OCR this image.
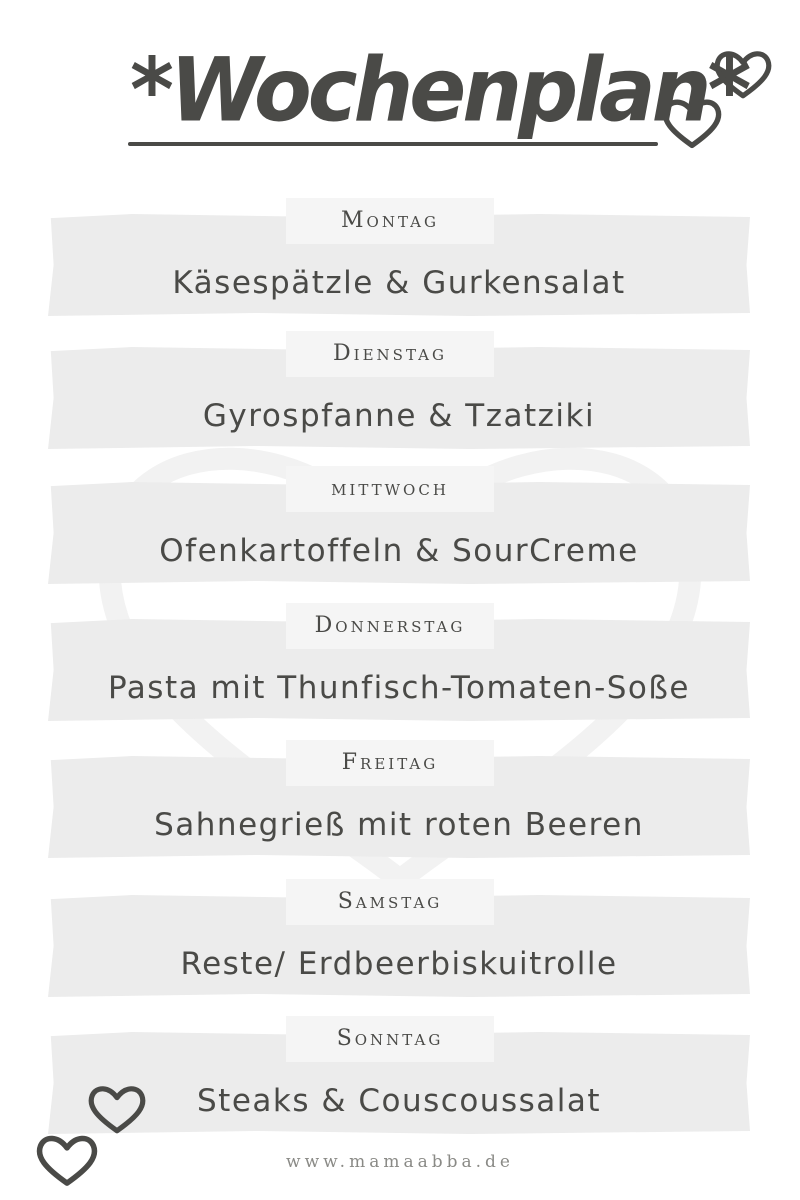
*Wochenplan*
Montag
Käsespätzle & Gurkensalat
Dienstag
Gyrospfanne & Tzatziki
mittwoch
Ofenkartoffeln & SourCreme
Donnerstag
Pasta mit Thunfisch-Tomaten-Soße
Freitag
Sahnegrieß mit roten Beeren
Samstag
Reste/ Erdbeerbiskuitrolle
Sonntag
Steaks & Couscoussalat
www.mamaabba.de
